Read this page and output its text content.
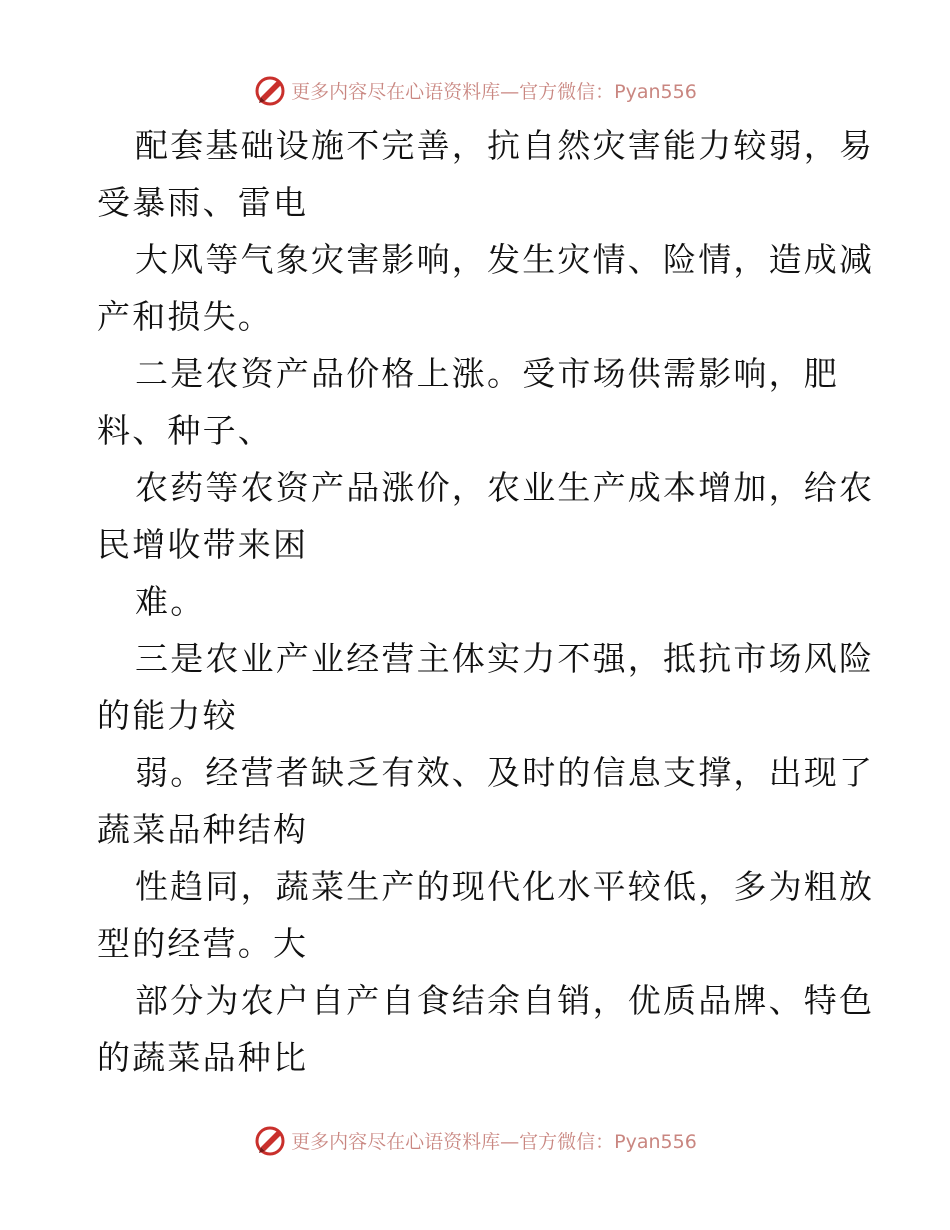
更多内容尽在心语资料库—官方微信：Pyan556
配套基础设施不完善，抗自然灾害能力较弱，易
受暴雨、雷电
大风等气象灾害影响，发生灾情、险情，造成减
产和损失。
二是农资产品价格上涨。受市场供需影响，肥
料、种子、
农药等农资产品涨价，农业生产成本增加，给农
民增收带来困
难。
三是农业产业经营主体实力不强，抵抗市场风险
的能力较
弱。经营者缺乏有效、及时的信息支撑，出现了
蔬菜品种结构
性趋同，蔬菜生产的现代化水平较低，多为粗放
型的经营。大
部分为农户自产自食结余自销，优质品牌、特色
的蔬菜品种比
更多内容尽在心语资料库—官方微信：Pyan556
